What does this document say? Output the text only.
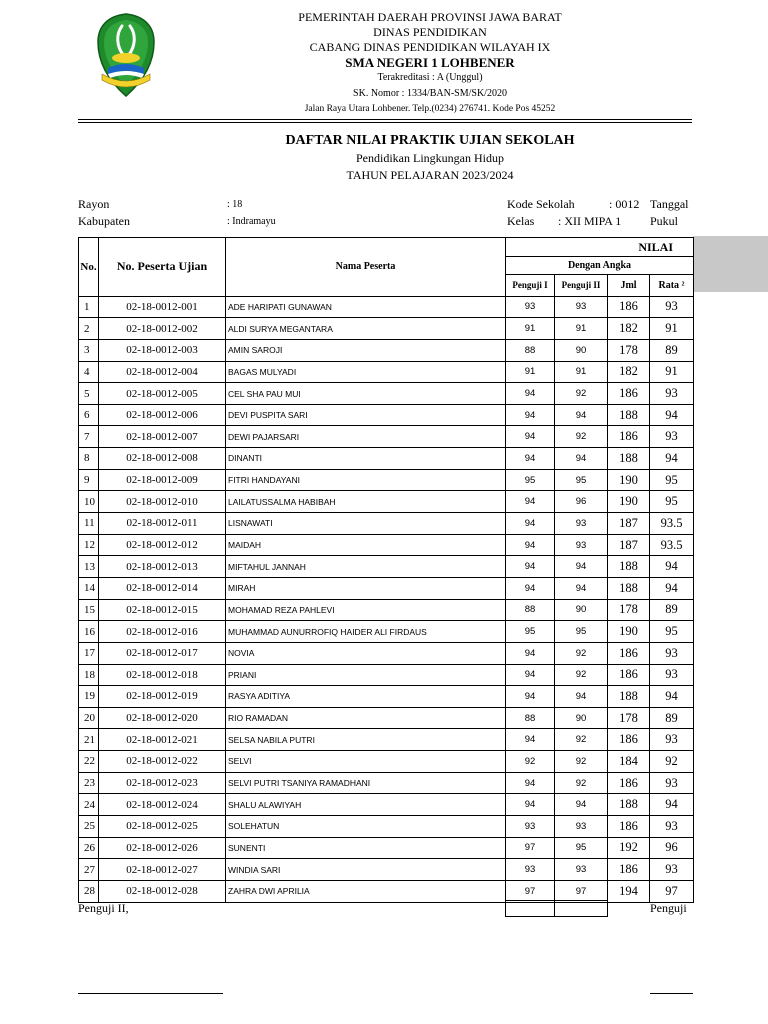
PEMERINTAH DAERAH PROVINSI JAWA BARAT
DINAS PENDIDIKAN
CABANG DINAS PENDIDIKAN WILAYAH IX
SMA NEGERI 1 LOHBENER
Terakreditasi : A (Unggul)
SK. Nomor : 1334/BAN-SM/SK/2020
Jalan Raya Utara Lohbener. Telp.(0234) 276741. Kode Pos 45252
DAFTAR NILAI PRAKTIK UJIAN SEKOLAH
Pendidikan Lingkungan Hidup
TAHUN PELAJARAN 2023/2024
Rayon	: 18
Kabupaten	: Indramayu
Kode Sekolah	: 0012 Tanggal
Kelas : XII MIPA 1 Pukul
No.	No. Peserta Ujian	Nama Peserta	NILAI			
			Dengan Angka			
			Penguji I	Penguji II	Jml	Rata ²
1	02-18-0012-001	ADE HARIPATI GUNAWAN	93	93	186	93
2	02-18-0012-002	ALDI SURYA MEGANTARA	91	91	182	91
3	02-18-0012-003	AMIN SAROJI	88	90	178	89
4	02-18-0012-004	BAGAS MULYADI	91	91	182	91
5	02-18-0012-005	CEL SHA PAU MUI	94	92	186	93
6	02-18-0012-006	DEVI PUSPITA SARI	94	94	188	94
7	02-18-0012-007	DEWI PAJARSARI	94	92	186	93
8	02-18-0012-008	DINANTI	94	94	188	94
9	02-18-0012-009	FITRI HANDAYANI	95	95	190	95
10	02-18-0012-010	LAILATUSSALMA HABIBAH	94	96	190	95
11	02-18-0012-011	LISNAWATI	94	93	187	93.5
12	02-18-0012-012	MAIDAH	94	93	187	93.5
13	02-18-0012-013	MIFTAHUL JANNAH	94	94	188	94
14	02-18-0012-014	MIRAH	94	94	188	94
15	02-18-0012-015	MOHAMAD REZA PAHLEVI	88	90	178	89
16	02-18-0012-016	MUHAMMAD AUNURROFIQ HAIDER ALI FIRDAUS	95	95	190	95
17	02-18-0012-017	NOVIA	94	92	186	93
18	02-18-0012-018	PRIANI	94	92	186	93
19	02-18-0012-019	RASYA ADITIYA	94	94	188	94
20	02-18-0012-020	RIO RAMADAN	88	90	178	89
21	02-18-0012-021	SELSA NABILA PUTRI	94	92	186	93
22	02-18-0012-022	SELVI	92	92	184	92
23	02-18-0012-023	SELVI PUTRI TSANIYA RAMADHANI	94	92	186	93
24	02-18-0012-024	SHALU ALAWIYAH	94	94	188	94
25	02-18-0012-025	SOLEHATUN	93	93	186	93
26	02-18-0012-026	SUNENTI	97	95	192	96
27	02-18-0012-027	WINDIA SARI	93	93	186	93
28	02-18-0012-028	ZAHRA DWI APRILIA	97	97	194	97
Penguji II,	Penguji
